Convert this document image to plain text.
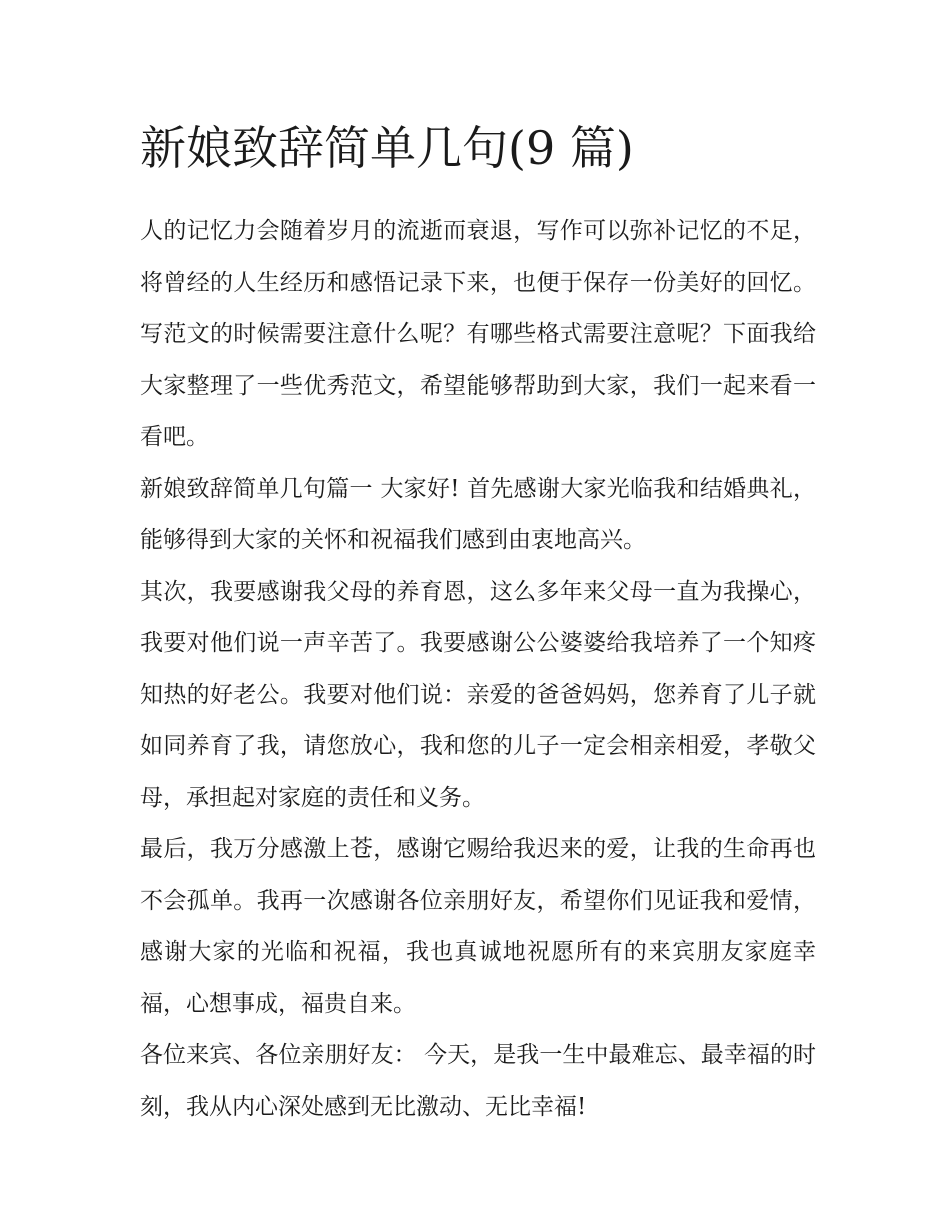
新娘致辞简单几句(9 篇)

人的记忆力会随着岁月的流逝而衰退，写作可以弥补记忆的不足，将曾经的人生经历和感悟记录下来，也便于保存一份美好的回忆。写范文的时候需要注意什么呢？有哪些格式需要注意呢？下面我给大家整理了一些优秀范文，希望能够帮助到大家，我们一起来看一看吧。

新娘致辞简单几句篇一 大家好! 首先感谢大家光临我和结婚典礼，能够得到大家的关怀和祝福我们感到由衷地高兴。

其次，我要感谢我父母的养育恩，这么多年来父母一直为我操心，我要对他们说一声辛苦了。我要感谢公公婆婆给我培养了一个知疼知热的好老公。我要对他们说：亲爱的爸爸妈妈，您养育了儿子就如同养育了我，请您放心，我和您的儿子一定会相亲相爱，孝敬父母，承担起对家庭的责任和义务。

最后，我万分感激上苍，感谢它赐给我迟来的爱，让我的生命再也不会孤单。我再一次感谢各位亲朋好友，希望你们见证我和爱情，感谢大家的光临和祝福，我也真诚地祝愿所有的来宾朋友家庭幸福，心想事成，福贵自来。

各位来宾、各位亲朋好友： 今天，是我一生中最难忘、最幸福的时刻，我从内心深处感到无比激动、无比幸福!
